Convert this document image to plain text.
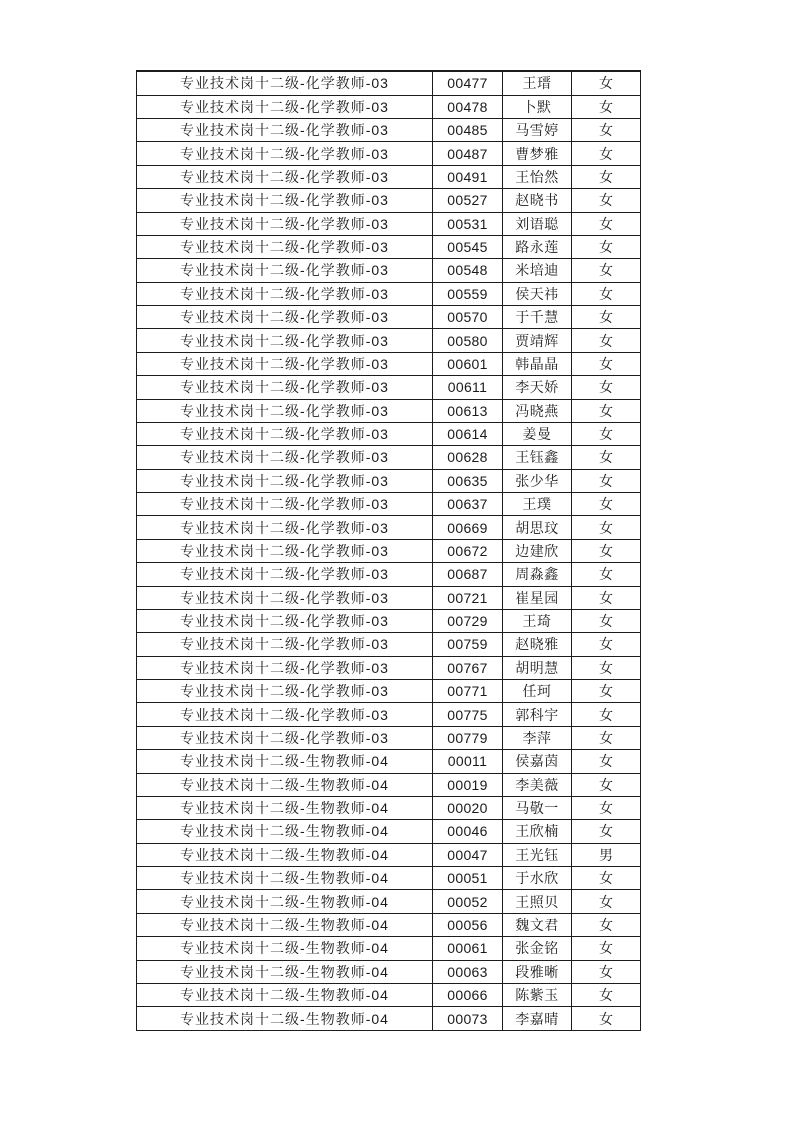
专业技术岗十二级-化学教师-03	00477	王瑨	女
专业技术岗十二级-化学教师-03	00478	卜默	女
专业技术岗十二级-化学教师-03	00485	马雪婷	女
专业技术岗十二级-化学教师-03	00487	曹梦雅	女
专业技术岗十二级-化学教师-03	00491	王怡然	女
专业技术岗十二级-化学教师-03	00527	赵晓书	女
专业技术岗十二级-化学教师-03	00531	刘语聪	女
专业技术岗十二级-化学教师-03	00545	路永莲	女
专业技术岗十二级-化学教师-03	00548	米培迪	女
专业技术岗十二级-化学教师-03	00559	侯天祎	女
专业技术岗十二级-化学教师-03	00570	于千慧	女
专业技术岗十二级-化学教师-03	00580	贾靖辉	女
专业技术岗十二级-化学教师-03	00601	韩晶晶	女
专业技术岗十二级-化学教师-03	00611	李天娇	女
专业技术岗十二级-化学教师-03	00613	冯晓燕	女
专业技术岗十二级-化学教师-03	00614	姜曼	女
专业技术岗十二级-化学教师-03	00628	王钰鑫	女
专业技术岗十二级-化学教师-03	00635	张少华	女
专业技术岗十二级-化学教师-03	00637	王璞	女
专业技术岗十二级-化学教师-03	00669	胡思玟	女
专业技术岗十二级-化学教师-03	00672	边建欣	女
专业技术岗十二级-化学教师-03	00687	周淼鑫	女
专业技术岗十二级-化学教师-03	00721	崔星园	女
专业技术岗十二级-化学教师-03	00729	王琦	女
专业技术岗十二级-化学教师-03	00759	赵晓雅	女
专业技术岗十二级-化学教师-03	00767	胡明慧	女
专业技术岗十二级-化学教师-03	00771	任珂	女
专业技术岗十二级-化学教师-03	00775	郭科宇	女
专业技术岗十二级-化学教师-03	00779	李萍	女
专业技术岗十二级-生物教师-04	00011	侯嘉茵	女
专业技术岗十二级-生物教师-04	00019	李美薇	女
专业技术岗十二级-生物教师-04	00020	马敬一	女
专业技术岗十二级-生物教师-04	00046	王欣楠	女
专业技术岗十二级-生物教师-04	00047	王光钰	男
专业技术岗十二级-生物教师-04	00051	于水欣	女
专业技术岗十二级-生物教师-04	00052	王照贝	女
专业技术岗十二级-生物教师-04	00056	魏文君	女
专业技术岗十二级-生物教师-04	00061	张金铭	女
专业技术岗十二级-生物教师-04	00063	段雅晰	女
专业技术岗十二级-生物教师-04	00066	陈紫玉	女
专业技术岗十二级-生物教师-04	00073	李嘉晴	女
